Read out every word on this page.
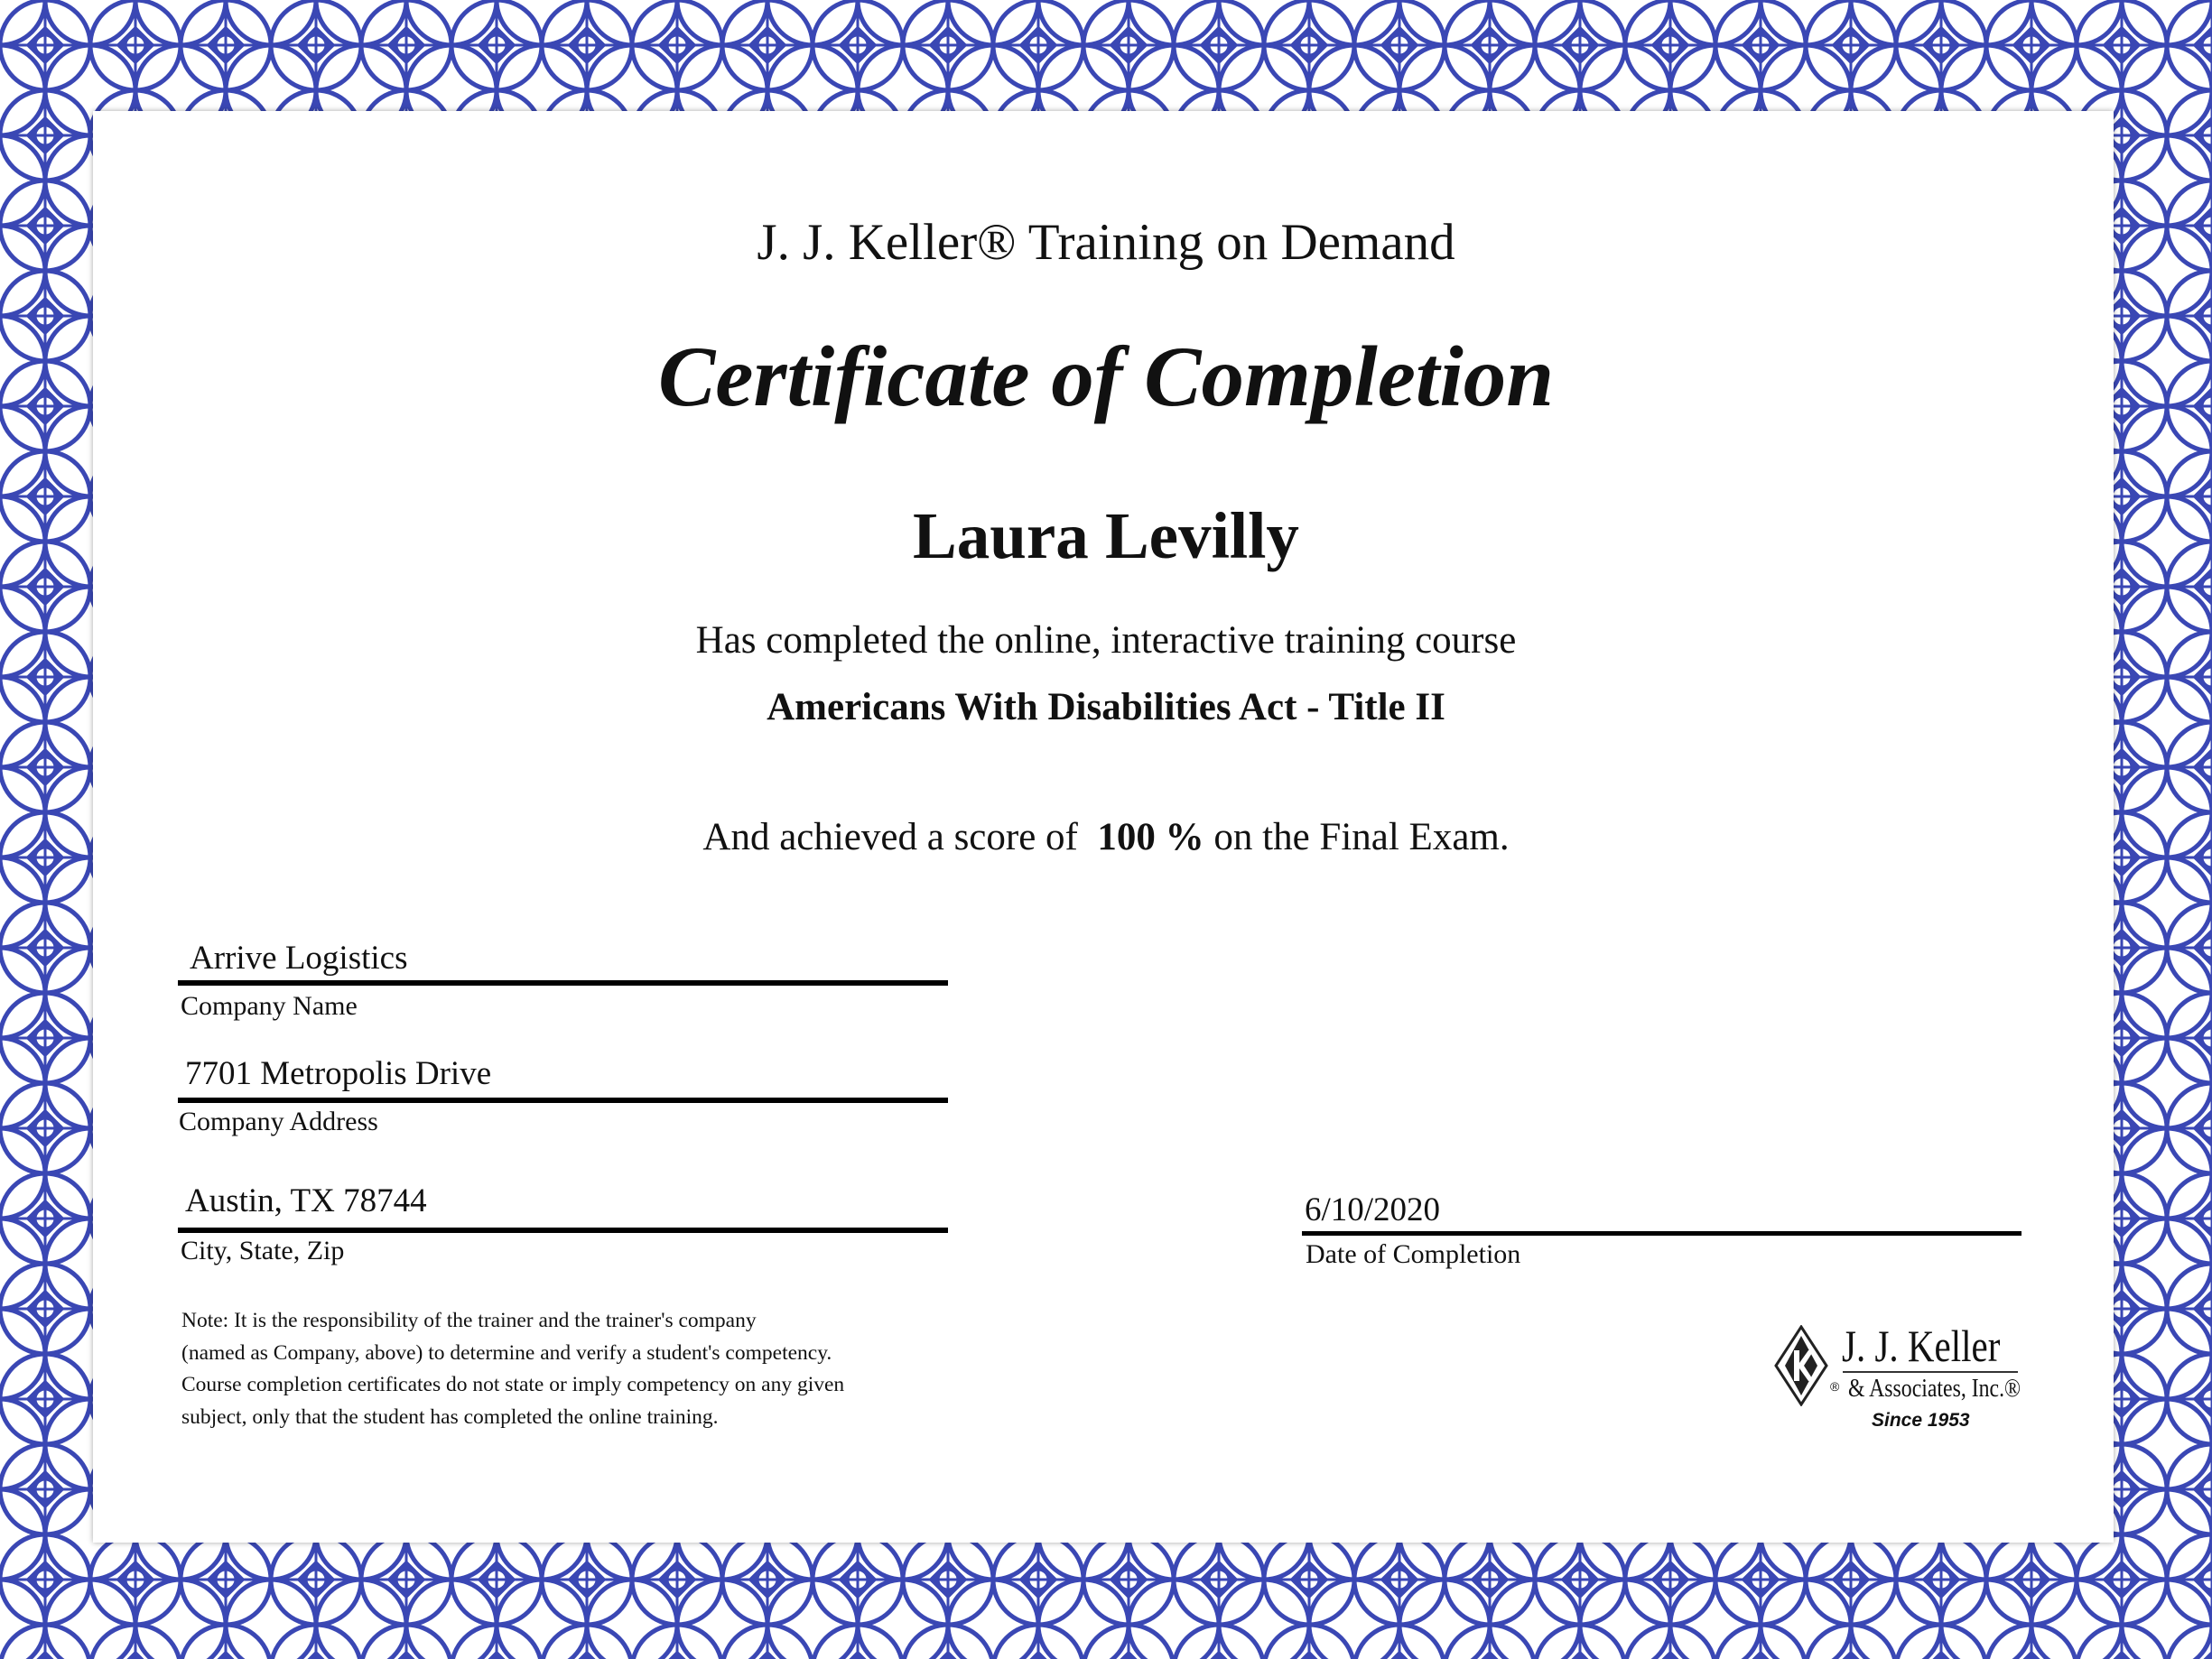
J. J. Keller® Training on Demand
Certificate of Completion
Laura Levilly
Has completed the online, interactive training course
Americans With Disabilities Act - Title II
And achieved a score of 100 % on the Final Exam.
Arrive Logistics
Company Name
7701 Metropolis Drive
Company Address
Austin, TX 78744
City, State, Zip
6/10/2020
Date of Completion
Note: It is the responsibility of the trainer and the trainer's company
(named as Company, above) to determine and verify a student's competency.
Course completion certificates do not state or imply competency on any given
subject, only that the student has completed the online training.
®
J. J. Keller
& Associates, Inc.®
Since 1953
